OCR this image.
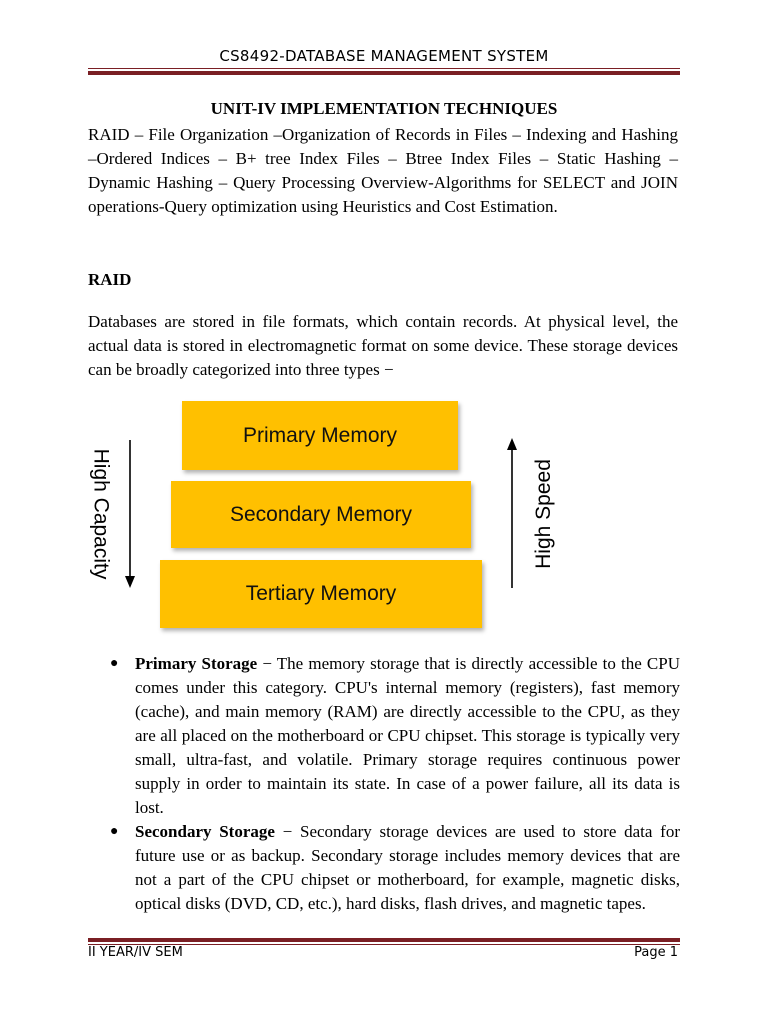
CS8492-DATABASE MANAGEMENT SYSTEM
UNIT-IV IMPLEMENTATION TECHNIQUES
RAID – File Organization –Organization of Records in Files – Indexing and Hashing –Ordered Indices – B+ tree Index Files – Btree Index Files – Static Hashing – Dynamic Hashing – Query Processing Overview-Algorithms for SELECT and JOIN operations-Query optimization using Heuristics and Cost Estimation.
RAID
Databases are stored in file formats, which contain records. At physical level, the actual data is stored in electromagnetic format on some device. These storage devices can be broadly categorized into three types −
Primary Memory
Secondary Memory
Tertiary Memory
High Capacity	High Speed
● Primary Storage − The memory storage that is directly accessible to the CPU comes under this category. CPU's internal memory (registers), fast memory (cache), and main memory (RAM) are directly accessible to the CPU, as they are all placed on the motherboard or CPU chipset. This storage is typically very small, ultra-fast, and volatile. Primary storage requires continuous power supply in order to maintain its state. In case of a power failure, all its data is lost.
● Secondary Storage − Secondary storage devices are used to store data for future use or as backup. Secondary storage includes memory devices that are not a part of the CPU chipset or motherboard, for example, magnetic disks, optical disks (DVD, CD, etc.), hard disks, flash drives, and magnetic tapes.
II YEAR/IV SEM	Page 1
